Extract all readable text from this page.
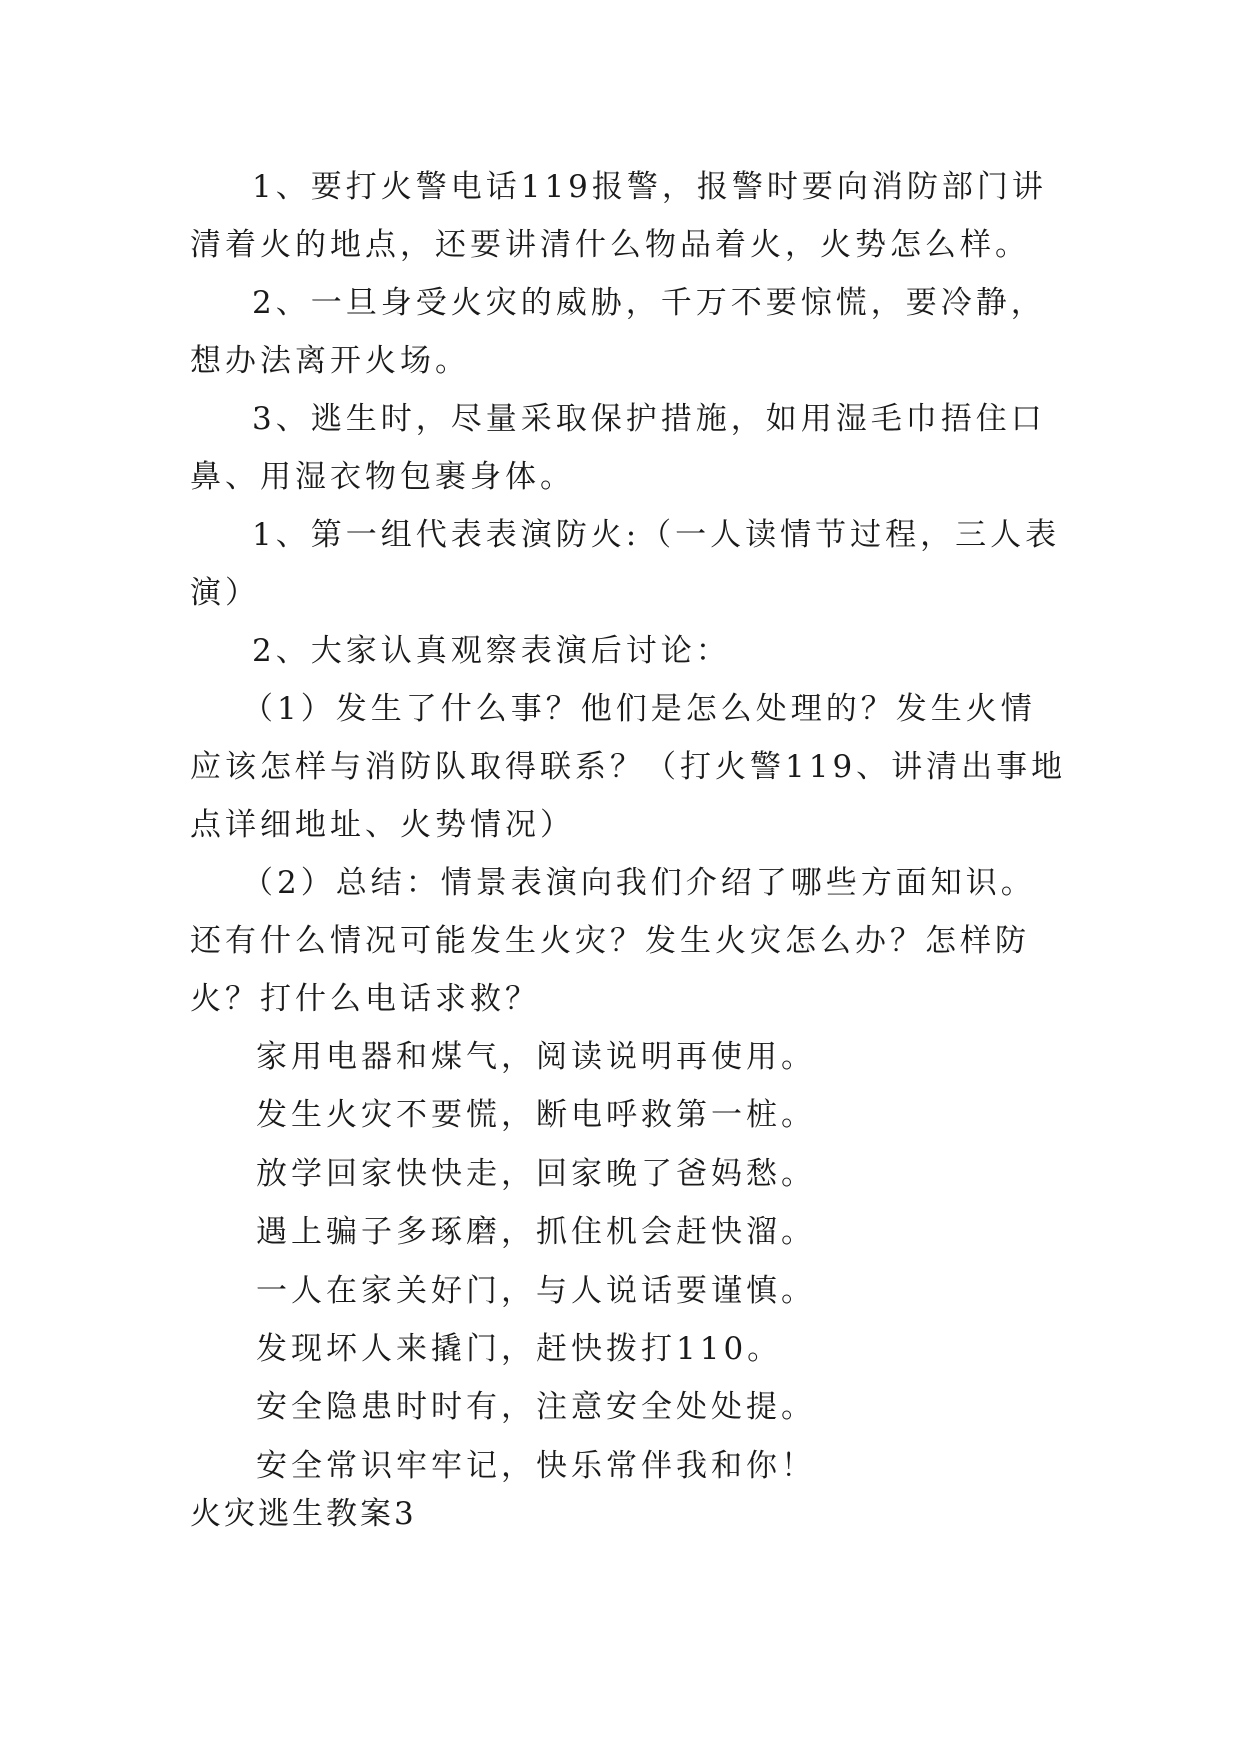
1、要打火警电话119报警，报警时要向消防部门讲清着火的地点，还要讲清什么物品着火，火势怎么样。

2、一旦身受火灾的威胁，千万不要惊慌，要冷静，想办法离开火场。

3、逃生时，尽量采取保护措施，如用湿毛巾捂住口鼻、用湿衣物包裹身体。

1、第一组代表表演防火:（一人读情节过程，三人表演）

2、大家认真观察表演后讨论：

（1）发生了什么事？他们是怎么处理的？发生火情应该怎样与消防队取得联系？（打火警119、讲清出事地点详细地址、火势情况）

（2）总结：情景表演向我们介绍了哪些方面知识。还有什么情况可能发生火灾？发生火灾怎么办？怎样防火？打什么电话求救？

家用电器和煤气，阅读说明再使用。

发生火灾不要慌，断电呼救第一桩。

放学回家快快走，回家晚了爸妈愁。

遇上骗子多琢磨，抓住机会赶快溜。

一人在家关好门，与人说话要谨慎。

发现坏人来撬门，赶快拨打110。

安全隐患时时有，注意安全处处提。

安全常识牢牢记，快乐常伴我和你！

火灾逃生教案3
